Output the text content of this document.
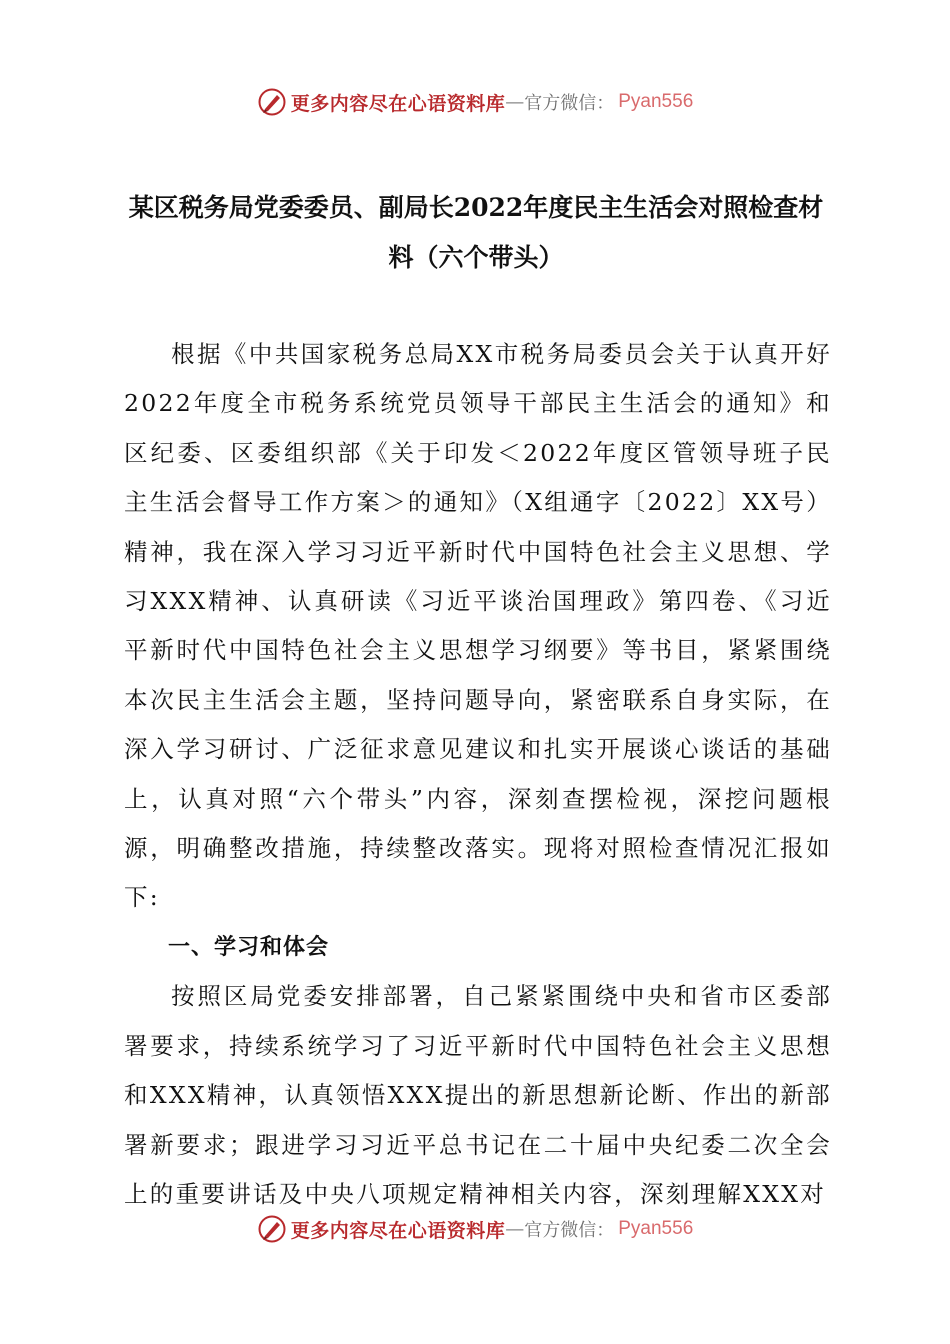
更多内容尽在心语资料库 — 官方微信： Pyan556
某区税务局党委委员、副局长2022年度民主生活会对照检查材料（六个带头）

根据《中共国家税务总局XX市税务局委员会关于认真开好2022年度全市税务系统党员领导干部民主生活会的通知》和区纪委、区委组织部《关于印发＜2022年度区管领导班子民主生活会督导工作方案＞的通知》（X组通字〔2022〕XX号）精神，我在深入学习习近平新时代中国特色社会主义思想、学习XXX精神、认真研读《习近平谈治国理政》第四卷、《习近平新时代中国特色社会主义思想学习纲要》等书目，紧紧围绕本次民主生活会主题，坚持问题导向，紧密联系自身实际，在深入学习研讨、广泛征求意见建议和扎实开展谈心谈话的基础上，认真对照“六个带头”内容，深刻查摆检视，深挖问题根源，明确整改措施，持续整改落实。现将对照检查情况汇报如下:

一、学习和体会

按照区局党委安排部署，自己紧紧围绕中央和省市区委部署要求，持续系统学习了习近平新时代中国特色社会主义思想和XXX精神，认真领悟XXX提出的新思想新论断、作出的新部署新要求；跟进学习习近平总书记在二十届中央纪委二次全会上的重要讲话及中央八项规定精神相关内容，深刻理解XXX对

更多内容尽在心语资料库 — 官方微信： Pyan556
